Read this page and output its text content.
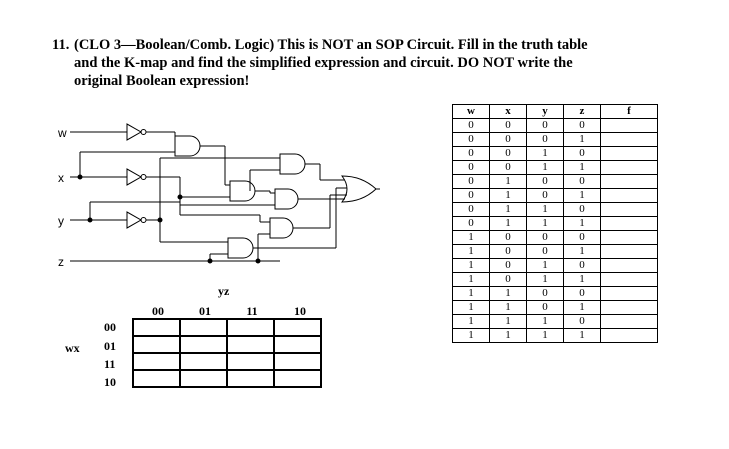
11. (CLO 3—Boolean/Comb. Logic) This is NOT an SOP Circuit. Fill in the truth table
and the K-map and find the simplified expression and circuit. DO NOT write the
original Boolean expression!
w
x
y
z
w	x	y	z	f
0	0	0	0	
0	0	0	1	
0	0	1	0	
0	0	1	1	
0	1	0	0	
0	1	0	1	
0	1	1	0	
0	1	1	1	
1	0	0	0	
1	0	0	1	
1	0	1	0	
1	0	1	1	
1	1	0	0	
1	1	0	1	
1	1	1	0	
1	1	1	1	
yz
00	01	11	10
wx
00
01
11
10
